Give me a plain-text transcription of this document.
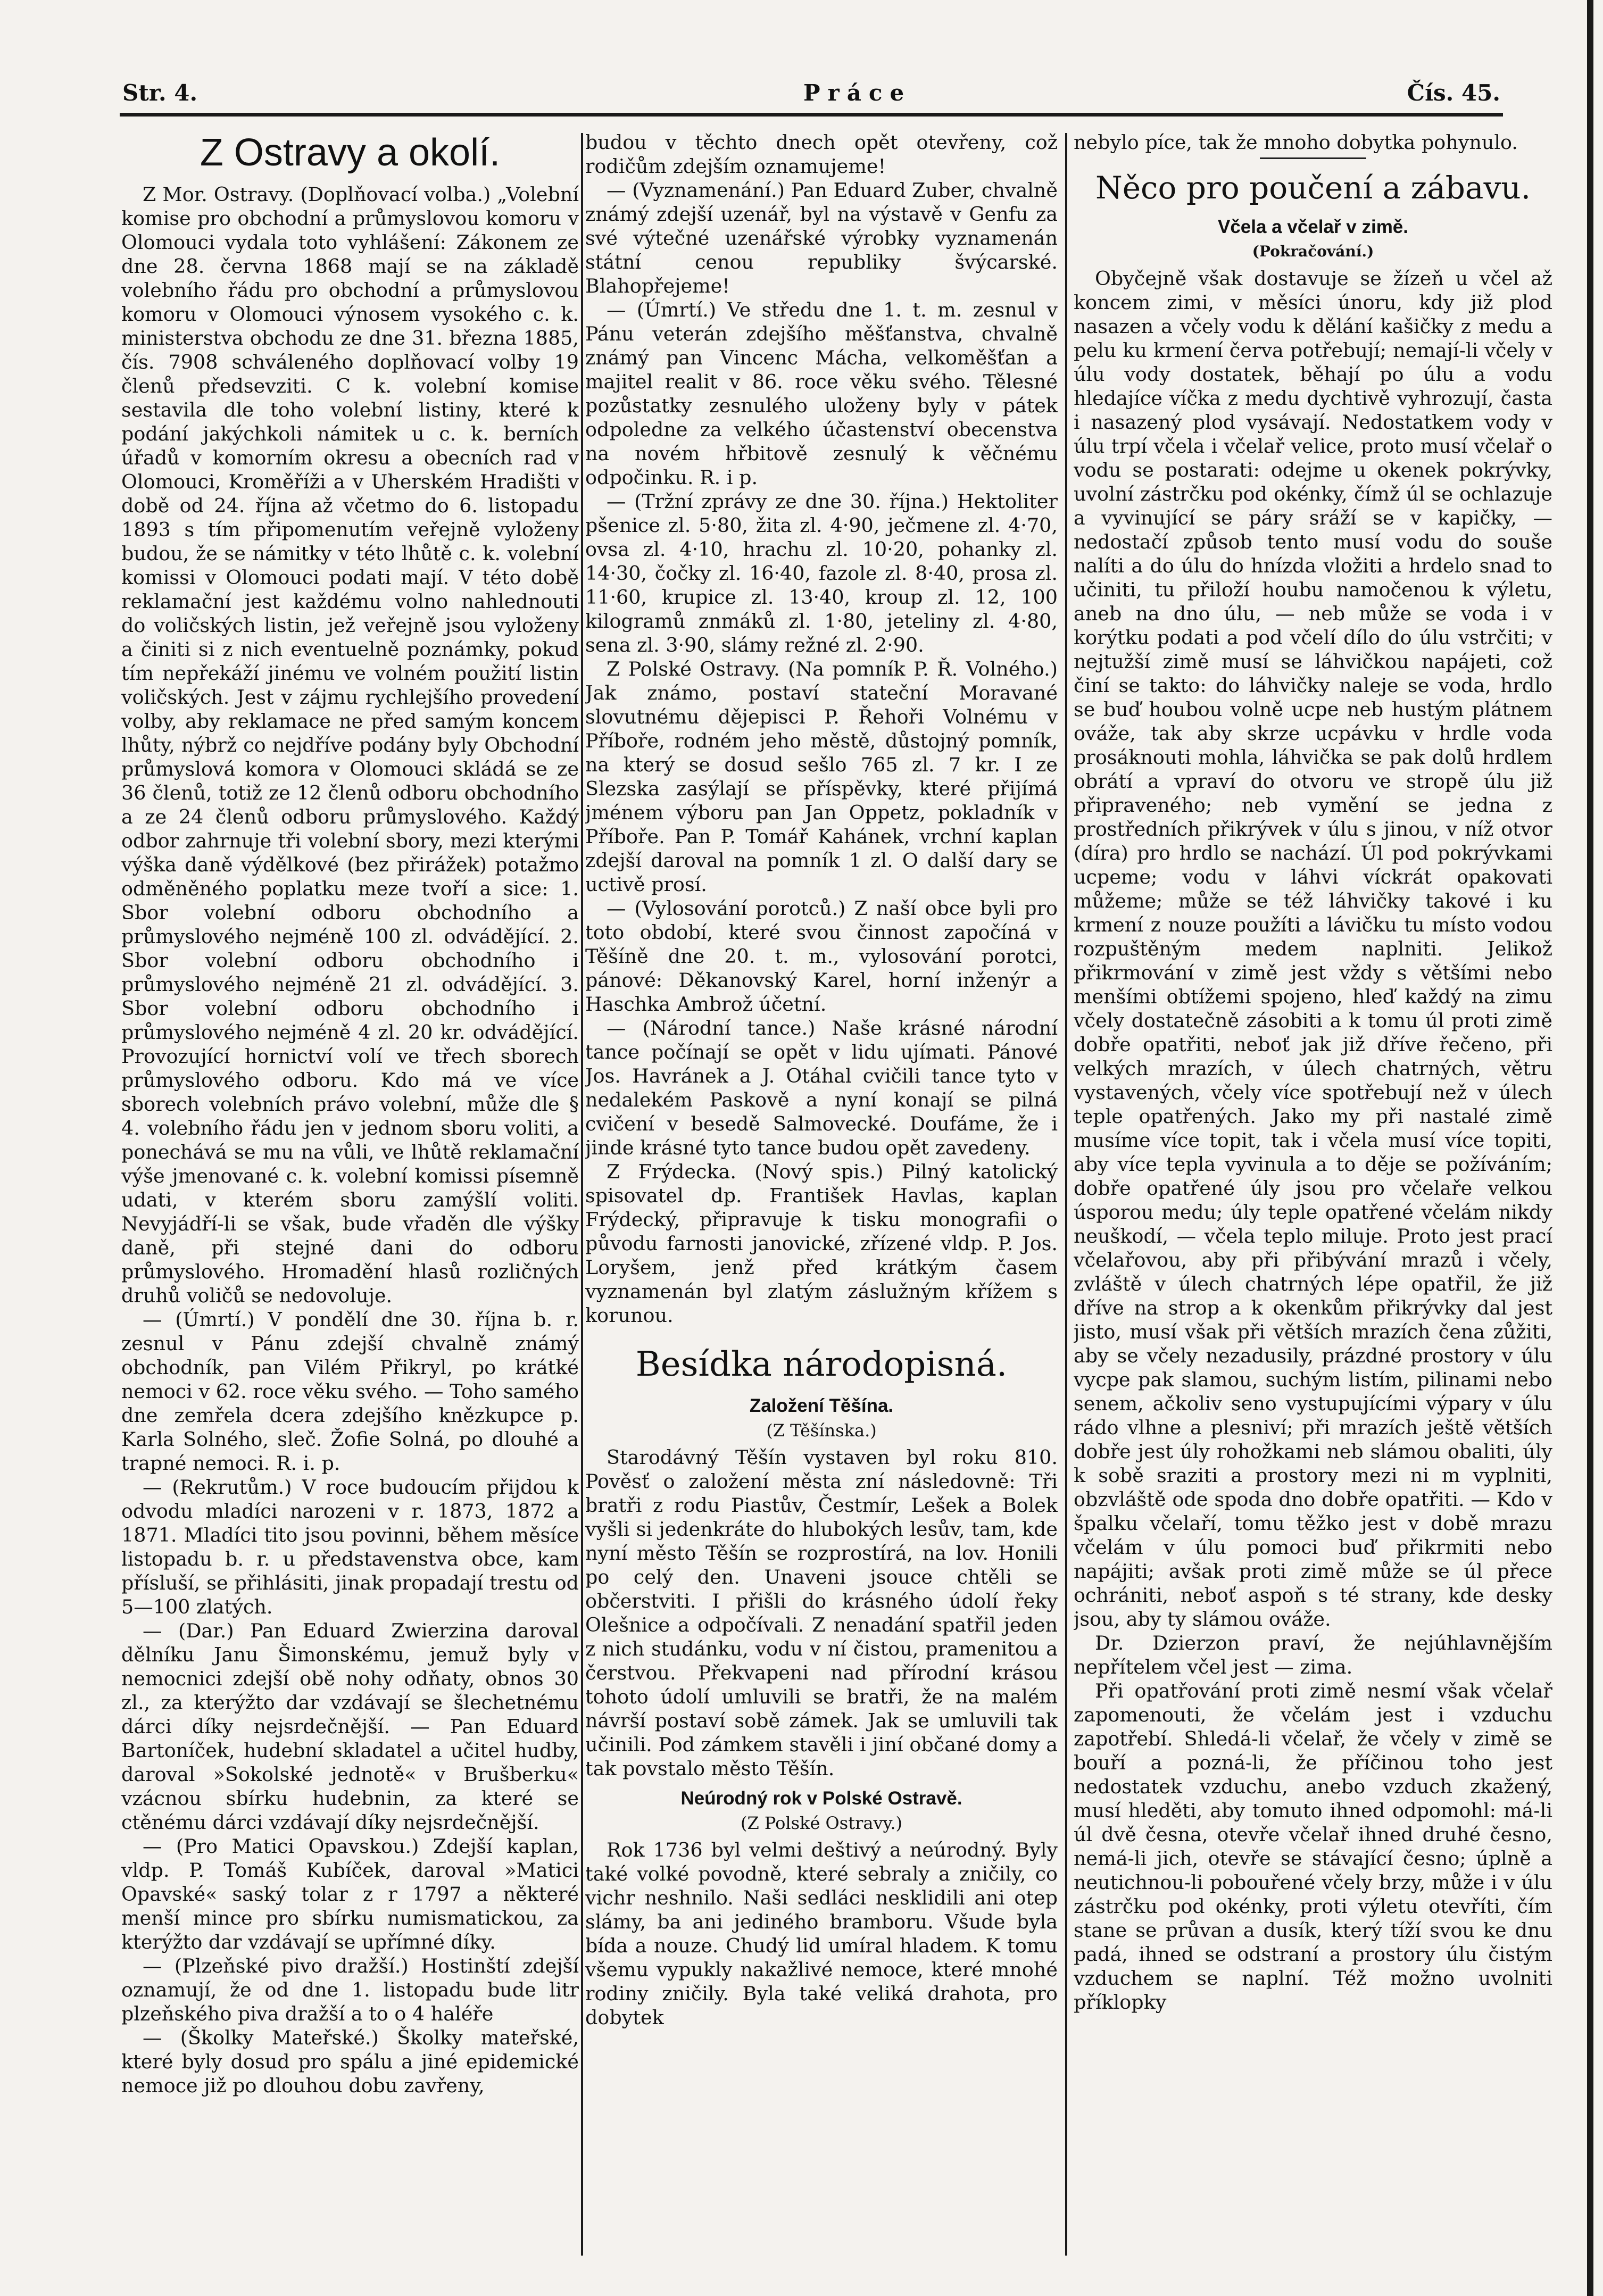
Str. 4.	Práce	Čís. 45.
Z Ostravy a okolí.

Z Mor. Ostravy. (Doplňovací volba.) „Volební komise pro obchodní a průmyslovou komoru v Olomouci vydala toto vyhlášení: Zákonem ze dne 28. června 1868 mají se na základě volebního řádu pro obchodní a průmyslovou komoru v Olomouci výnosem vysokého c. k. ministerstva obchodu ze dne 31. března 1885, čís. 7908 schváleného doplňovací volby 19 členů předsevziti. C k. volební komise sestavila dle toho volební listiny, které k podání jakýchkoli námitek u c. k. berních úřadů v komorním okresu a obecních rad v Olomouci, Kroměříži a v Uherském Hradišti v době od 24. října až včetmo do 6. listopadu 1893 s tím připomenutím veřejně vyloženy budou, že se námitky v této lhůtě c. k. volební komissi v Olomouci podati mají. V této době reklamační jest každému volno nahlednouti do voličských listin, jež veřejně jsou vyloženy a činiti si z nich eventuelně poznámky, pokud tím nepřekáží jinému ve volném použití listin voličských. Jest v zájmu rychlejšího provedení volby, aby reklamace ne před samým koncem lhůty, nýbrž co nejdříve podány byly Obchodní průmyslová komora v Olomouci skládá se ze 36 členů, totiž ze 12 členů odboru obchodního a ze 24 členů odboru průmyslového. Každý odbor zahrnuje tři volební sbory, mezi kterými výška daně výdělkové (bez přirážek) potažmo odměněného poplatku meze tvoří a sice: 1. Sbor volební odboru obchodního a průmyslového nejméně 100 zl. odvádějící. 2. Sbor volební odboru obchodního i průmyslového nejméně 21 zl. odvádějící. 3. Sbor volební odboru obchodního i průmyslového nejméně 4 zl. 20 kr. odvádějící. Provozující hornictví volí ve třech sborech průmyslového odboru. Kdo má ve více sborech volebních právo volební, může dle § 4. volebního řádu jen v jednom sboru voliti, a ponechává se mu na vůli, ve lhůtě reklamační výše jmenované c. k. volební komissi písemně udati, v kterém sboru zamýšlí voliti. Nevyjádří-li se však, bude vřaděn dle výšky daně, při stejné dani do odboru průmyslového. Hromadění hlasů rozličných druhů voličů se nedovoluje.

— (Úmrtí.) V pondělí dne 30. října b. r. zesnul v Pánu zdejší chvalně známý obchodník, pan Vilém Přikryl, po krátké nemoci v 62. roce věku svého. — Toho samého dne zemřela dcera zdejšího knězkupce p. Karla Solného, sleč. Žofie Solná, po dlouhé a trapné nemoci. R. i. p.

— (Rekrutům.) V roce budoucím přijdou k odvodu mladíci narozeni v r. 1873, 1872 a 1871. Mladíci tito jsou povinni, během měsíce listopadu b. r. u představenstva obce, kam přísluší, se přihlásiti, jinak propadají trestu od 5—100 zlatých.

— (Dar.) Pan Eduard Zwierzina daroval dělníku Janu Šimonskému, jemuž byly v nemocnici zdejší obě nohy odňaty, obnos 30 zl., za kterýžto dar vzdávají se šlechetnému dárci díky nejsrdečnější. — Pan Eduard Bartoníček, hudební skladatel a učitel hudby, daroval »Sokolské jednotě« v Brušberku« vzácnou sbírku hudebnin, za které se ctěnému dárci vzdávají díky nejsrdečnější.

— (Pro Matici Opavskou.) Zdejší kaplan, vldp. P. Tomáš Kubíček, daroval »Matici Opavské« saský tolar z r 1797 a některé menší mince pro sbírku numismatickou, za kterýžto dar vzdávají se upřímné díky.

— (Plzeňské pivo dražší.) Hostinští zdejší oznamují, že od dne 1. listopadu bude litr plzeňského piva dražší a to o 4 haléře

— (Školky Mateřské.) Školky mateřské, které byly dosud pro spálu a jiné epidemické nemoce již po dlouhou dobu zavřeny,

budou v těchto dnech opět otevřeny, což rodičům zdejším oznamujeme!

— (Vyznamenání.) Pan Eduard Zuber, chvalně známý zdejší uzenář, byl na výstavě v Genfu za své výtečné uzenářské výrobky vyznamenán státní cenou republiky švýcarské. Blahopřejeme!

— (Úmrtí.) Ve středu dne 1. t. m. zesnul v Pánu veterán zdejšího měšťanstva, chvalně známý pan Vincenc Mácha, velkoměšťan a majitel realit v 86. roce věku svého. Tělesné pozůstatky zesnulého uloženy byly v pátek odpoledne za velkého účastenství obecenstva na novém hřbitově zesnulý k věčnému odpočinku. R. i p.

— (Tržní zprávy ze dne 30. října.) Hektoliter pšenice zl. 5·80, žita zl. 4·90, ječmene zl. 4·70, ovsa zl. 4·10, hrachu zl. 10·20, pohanky zl. 14·30, čočky zl. 16·40, fazole zl. 8·40, prosa zl. 11·60, krupice zl. 13·40, kroup zl. 12, 100 kilogramů znmáků zl. 1·80, jeteliny zl. 4·80, sena zl. 3·90, slámy režné zl. 2·90.

Z Polské Ostravy. (Na pomník P. Ř. Volného.) Jak známo, postaví stateční Moravané slovutnému dějepisci P. Řehoři Volnému v Příboře, rodném jeho městě, důstojný pomník, na který se dosud sešlo 765 zl. 7 kr. I ze Slezska zasýlají se příspěvky, které přijímá jménem výboru pan Jan Oppetz, pokladník v Příboře. Pan P. Tomář Kahánek, vrchní kaplan zdejší daroval na pomník 1 zl. O další dary se uctivě prosí.

— (Vylosování porotců.) Z naší obce byli pro toto období, které svou činnost započíná v Těšíně dne 20. t. m., vylosování porotci, pánové: Děkanovský Karel, horní inženýr a Haschka Ambrož účetní.

— (Národní tance.) Naše krásné národní tance počínají se opět v lidu ujímati. Pánové Jos. Havránek a J. Otáhal cvičili tance tyto v nedalekém Paskově a nyní konají se pilná cvičení v besedě Salmovecké. Doufáme, že i jinde krásné tyto tance budou opět zavedeny.

Z Frýdecka. (Nový spis.) Pilný katolický spisovatel dp. František Havlas, kaplan Frýdecký, připravuje k tisku monografii o původu farnosti janovické, zřízené vldp. P. Jos. Loryšem, jenž před krátkým časem vyznamenán byl zlatým záslužným křížem s korunou.

Besídka národopisná.
Založení Těšína.
(Z Těšínska.)

Starodávný Těšín vystaven byl roku 810. Pověsť o založení města zní následovně: Tři bratři z rodu Piastův, Čestmír, Lešek a Bolek vyšli si jedenkráte do hlubokých lesův, tam, kde nyní město Těšín se rozprostírá, na lov. Honili po celý den. Unaveni jsouce chtěli se občerstviti. I přišli do krásného údolí řeky Olešnice a odpočívali. Z nenadání spatřil jeden z nich studánku, vodu v ní čistou, pramenitou a čerstvou. Překvapeni nad přírodní krásou tohoto údolí umluvili se bratři, že na malém návrší postaví sobě zámek. Jak se umluvili tak učinili. Pod zámkem stavěli i jiní občané domy a tak povstalo město Těšín.

Neúrodný rok v Polské Ostravě.
(Z Polské Ostravy.)

Rok 1736 byl velmi deštivý a neúrodný. Byly také volké povodně, které sebraly a zničily, co vichr neshnilo. Naši sedláci nesklidili ani otep slámy, ba ani jediného bramboru. Všude byla bída a nouze. Chudý lid umíral hladem. K tomu všemu vypukly nakažlivé nemoce, které mnohé rodiny zničily. Byla také veliká drahota, pro dobytek

nebylo píce, tak že mnoho dobytka pohynulo.

Něco pro poučení a zábavu.
Včela a včelař v zimě.
(Pokračování.)

Obyčejně však dostavuje se žízeň u včel až koncem zimi, v měsíci únoru, kdy již plod nasazen a včely vodu k dělání kašičky z medu a pelu ku krmení červa potřebují; nemají-li včely v úlu vody dostatek, běhají po úlu a vodu hledajíce víčka z medu dychtivě vyhrozují, časta i nasazený plod vysávají. Nedostatkem vody v úlu trpí včela i včelař velice, proto musí včelař o vodu se postarati: odejme u okenek pokrývky, uvolní zástrčku pod okénky, čímž úl se ochlazuje a vyvinující se páry sráží se v kapičky, — nedostačí způsob tento musí vodu do souše nalíti a do úlu do hnízda vložiti a hrdelo snad to učiniti, tu přiloží houbu namočenou k výletu, aneb na dno úlu, — neb může se voda i v korýtku podati a pod včelí dílo do úlu vstrčiti; v nejtužší zimě musí se láhvičkou napájeti, což činí se takto: do láhvičky naleje se voda, hrdlo se buď houbou volně ucpe neb hustým plátnem ováže, tak aby skrze ucpávku v hrdle voda prosáknouti mohla, láhvička se pak dolů hrdlem obrátí a vpraví do otvoru ve stropě úlu již připraveného; neb vymění se jedna z prostředních přikrývek v úlu s jinou, v níž otvor (díra) pro hrdlo se nachází. Úl pod pokrývkami ucpeme; vodu v láhvi víckrát opakovati můžeme; může se též láhvičky takové i ku krmení z nouze použíti a lávičku tu místo vodou rozpuštěným medem naplniti. Jelikož přikrmování v zimě jest vždy s většími nebo menšími obtížemi spojeno, hleď každý na zimu včely dostatečně zásobiti a k tomu úl proti zimě dobře opatřiti, neboť jak již dříve řečeno, při velkých mrazích, v úlech chatrných, větru vystavených, včely více spotřebují než v úlech teple opatřených. Jako my při nastalé zimě musíme více topit, tak i včela musí více topiti, aby více tepla vyvinula a to děje se požíváním; dobře opatřené úly jsou pro včelaře velkou úsporou medu; úly teple opatřené včelám nikdy neuškodí, — včela teplo miluje. Proto jest prací včelařovou, aby při přibývání mrazů i včely, zvláště v úlech chatrných lépe opatřil, že již dříve na strop a k okenkům přikrývky dal jest jisto, musí však při větších mrazích čena zůžiti, aby se včely nezadusily, prázdné prostory v úlu vycpe pak slamou, suchým listím, pilinami nebo senem, ačkoliv seno vystupujícími výpary v úlu rádo vlhne a plesniví; při mrazích ještě větších dobře jest úly rohožkami neb slámou obaliti, úly k sobě sraziti a prostory mezi ni m vyplniti, obzvláště ode spoda dno dobře opatřiti. — Kdo v špalku včelaří, tomu těžko jest v době mrazu včelám v úlu pomoci buď přikrmiti nebo napájiti; avšak proti zimě může se úl přece ochrániti, neboť aspoň s té strany, kde desky jsou, aby ty slámou ováže.

Dr. Dzierzon praví, že nejúhlavnějším nepřítelem včel jest — zima.

Při opatřování proti zimě nesmí však včelař zapomenouti, že včelám jest i vzduchu zapotřebí. Shledá-li včelař, že včely v zimě se bouří a pozná-li, že příčinou toho jest nedostatek vzduchu, anebo vzduch zkažený, musí hleděti, aby tomuto ihned odpomohl: má-li úl dvě česna, otevře včelař ihned druhé česno, nemá-li jich, otevře se stávající česno; úplně a neutichnou-li pobouřené včely brzy, může i v úlu zástrčku pod okénky, proti výletu otevříti, čím stane se průvan a dusík, který tíží svou ke dnu padá, ihned se odstraní a prostory úlu čistým vzduchem se naplní. Též možno uvolniti příklopky
